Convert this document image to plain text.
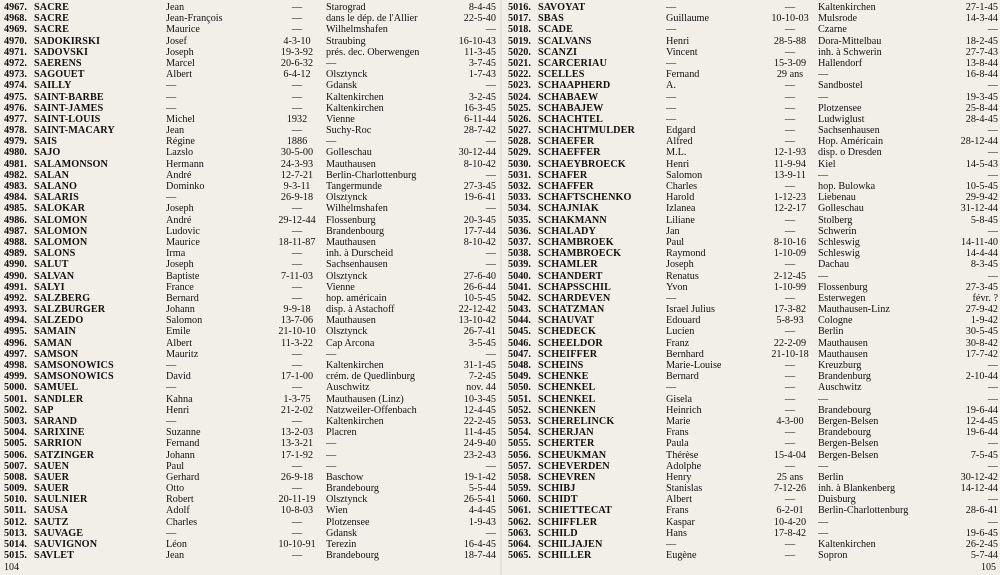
4967. SACRE	Jean	—	Starograd	8-4-45
4968. SACRE	Jean-François	—	dans le dép. de l'Allier	22-5-40
4969. SACRE	Maurice	—	Wilhelmshafen	—
4970. SADOKIRSKI	Josef	4-3-10	Straubing	16-10-43
4971. SADOVSKI	Joseph	19-3-92	prés. dec. Oberwengen	11-3-45
4972. SAERENS	Marcel	20-6-32	—	3-7-45
4973. SAGOUET	Albert	6-4-12	Olsztynck	1-7-43
4974. SAILLY	—	—	Gdansk	—
4975. SAINT-BARBE	—	—	Kaltenkirchen	3-2-45
4976. SAINT-JAMES	—	—	Kaltenkirchen	16-3-45
4977. SAINT-LOUIS	Michel	1932	Vienne	6-11-44
4978. SAINT-MACARY	Jean	—	Suchy-Roc	28-7-42
4979. SAIS	Régine	1886	—	—
4980. SAJO	Lazslo	30-5-00	Golleschau	30-12-44
4981. SALAMONSON	Hermann	24-3-93	Mauthausen	8-10-42
4982. SALAN	André	12-7-21	Berlin-Charlottenburg	—
4983. SALANO	Dominko	9-3-11	Tangermunde	27-3-45
4984. SALARIS	—	26-9-18	Olsztynck	19-6-41
4985. SALOKAR	Joseph	—	Wilhelmshafen	—
4986. SALOMON	André	29-12-44	Flossenburg	20-3-45
4987. SALOMON	Ludovic	—	Brandenbourg	17-7-44
4988. SALOMON	Maurice	18-11-87	Mauthausen	8-10-42
4989. SALONS	Irma	—	inh. à Durscheid	—
4990. SALUT	Joseph	—	Sachsenhausen	—
4990. SALVAN	Baptiste	7-11-03	Olsztynck	27-6-40
4991. SALYI	France	—	Vienne	26-6-44
4992. SALZBERG	Bernard	—	hop. américain	10-5-45
4993. SALZBURGER	Johann	9-9-18	disp. à Astachoff	22-12-42
4994. SALZEDO	Salomon	13-7-06	Mauthausen	13-10-42
4995. SAMAIN	Emile	21-10-10	Olsztynck	26-7-41
4996. SAMAN	Albert	11-3-22	Cap Arcona	3-5-45
4997. SAMSON	Mauritz	—	—	—
4998. SAMSONOWICS	—	—	Kaltenkirchen	31-1-45
4999. SAMSONOWICS	David	17-1-00	crém. de Quedlinburg	7-2-45
5000. SAMUEL	—	—	Auschwitz	nov. 44
5001. SANDLER	Kahna	1-3-75	Mauthausen (Linz)	10-3-45
5002. SAP	Henri	21-2-02	Natzweiler-Offenbach	12-4-45
5003. SARAND	—	—	Kaltenkirchen	22-2-45
5004. SARIXINE	Suzanne	13-2-03	Placren	11-4-45
5005. SARRION	Fernand	13-3-21	—	24-9-40
5006. SATZINGER	Johann	17-1-92	—	23-2-43
5007. SAUEN	Paul	—	—	—
5008. SAUER	Gerhard	26-9-18	Baschow	19-1-42
5009. SAUER	Otto	—	Brandebourg	5-5-44
5010. SAULNIER	Robert	20-11-19	Olsztynck	26-5-41
5011. SAUSA	Adolf	10-8-03	Wien	4-4-45
5012. SAUTZ	Charles	—	Plotzensee	1-9-43
5013. SAUVAGE	—	—	Gdansk	—
5014. SAUVIGNON	Léon	10-10-91	Terezin	16-4-45
5015. SAVLET	Jean	—	Brandebourg	18-7-44
5016. SAVOYAT	—	—	Kaltenkirchen	27-1-45
5017. SBAS	Guillaume	10-10-03 Mulsrode	14-3-44
5018. SCADE	—	—	Czarne	—
5019. SCALVANS	Henri	28-5-88	Dora-Mittelbau	18-2-45
5020. SCANZI	Vincent	—	inh. à Schwerin	27-7-43
5021. SCARCERIAU	—	15-3-09	Hallendorf	13-8-44
5022. SCELLES	Fernand	29 ans	—	16-8-44
5023. SCHAAPHERD	A.	—	Sandbostel	—
5024. SCHABAEW	—	—	—	19-3-45
5025. SCHABAJEW	—	—	Plotzensee	25-8-44
5026. SCHACHTEL	—	—	Ludwiglust	28-4-45
5027. SCHACHTMULDER	Edgard	—	Sachsenhausen	—
5028. SCHAEFER	Alfred	—	Hop. Américain	28-12-44
5029. SCHAEFFER	M.L.	12-1-93	disp. o Dresden	—
5030. SCHAEYBROECK	Henri	11-9-94	Kiel	14-5-43
5031. SCHAFER	Salomon	13-9-11	—	—
5032. SCHAFFER	Charles	—	hop. Bulowka	10-5-45
5033. SCHAFTSCHENKO	Harold	1-12-23	Liebenau	29-9-42
5034. SCHAJNIAK	Izlanea	12-2-17	Golleschau	31-12-44
5035. SCHAKMANN	Liliane	—	Stolberg	5-8-45
5036. SCHALADY	Jan	—	Schwerin	—
5037. SCHAMBROEK	Paul	8-10-16	Schleswig	14-11-40
5038. SCHAMBROECK	Raymond	1-10-09	Schleswig	14-4-44
5039. SCHAMLER	Joseph	—	Dachau	8-3-45
5040. SCHANDERT	Renatus	2-12-45	—	—
5041. SCHAPSSCHIL	Yvon	1-10-99	Flossenburg	27-3-45
5042. SCHARDEVEN	—	—	Esterwegen	févr. ?
5043. SCHATZMAN	Israel Julius	17-3-82	Mauthausen-Linz	27-9-42
5044. SCHAUVAT	Edouard	5-8-93	Cologne	1-9-42
5045. SCHEDECK	Lucien	—	Berlin	30-5-45
5046. SCHEELDOR	Franz	22-2-09	Mauthausen	30-8-42
5047. SCHEIFFER	Bernhard	21-10-18 Mauthausen	17-7-42
5048. SCHEINS	Marie-Louise	—	Kreuzburg	—
5049. SCHENKE	Bernard	—	Brandenburg	2-10-44
5050. SCHENKEL	—	—	Auschwitz	—
5051. SCHENKEL	Gisela	—	—	—
5052. SCHENKEN	Heinrich	—	Brandebourg	19-6-44
5053. SCHERELINCK	Marie	4-3-00	Bergen-Belsen	12-4-45
5054. SCHERJAN	Frans	—	Brandebourg	19-6-44
5055. SCHERTER	Paula	—	Bergen-Belsen	—
5056. SCHEUKMAN	Thérèse	15-4-04	Bergen-Belsen	7-5-45
5057. SCHEVERDEN	Adolphe	—	—	—
5058. SCHEVREN	Henry	25 ans	Berlin	30-12-42
5059. SCHIBJ	Stanislas	7-12-26	inh. à Blankenberg	14-12-44
5060. SCHIDT	Albert	—	Duisburg	—
5061. SCHIETTECAT	Frans	6-2-01	Berlin-Charlottenburg	28-6-41
5062. SCHIFFLER	Kaspar	10-4-20	—	—
5063. SCHILD	Hans	17-8-42	—	19-6-45
5064. SCHILJAJEN	—	—	Kaltenkirchen	26-2-45
5065. SCHILLER	Eugène	—	Sopron	5-7-44
104	105
